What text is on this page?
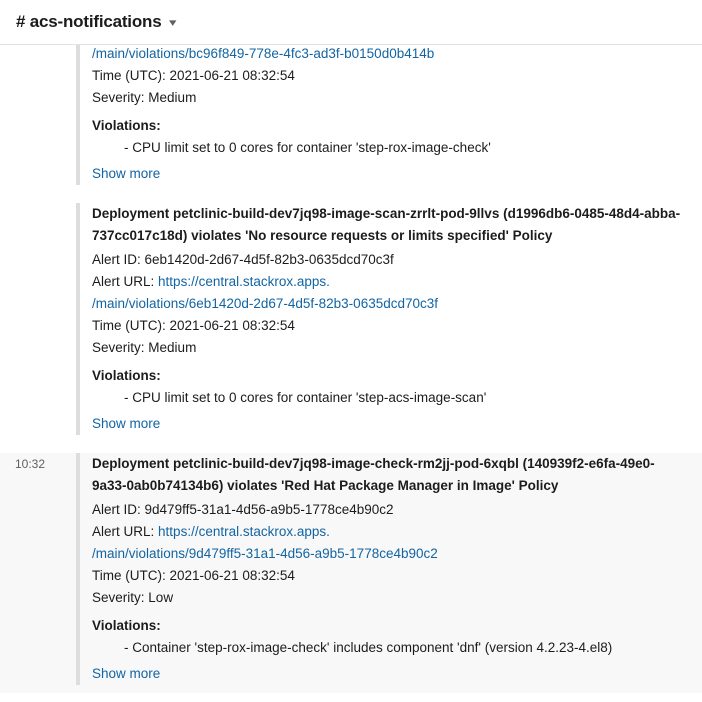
# acs-notifications ▾
/main/violations/bc96f849-778e-4fc3-ad3f-b0150d0b414b
Time (UTC): 2021-06-21 08:32:54
Severity: Medium
Violations:
- CPU limit set to 0 cores for container 'step-rox-image-check'
Show more
Deployment petclinic-build-dev7jq98-image-scan-zrrlt-pod-9llvs (d1996db6-0485-48d4-abba-737cc017c18d) violates 'No resource requests or limits specified' Policy
Alert ID: 6eb1420d-2d67-4d5f-82b3-0635dcd70c3f
Alert URL: https://central.stackrox.apps.
/main/violations/6eb1420d-2d67-4d5f-82b3-0635dcd70c3f
Time (UTC): 2021-06-21 08:32:54
Severity: Medium
Violations:
- CPU limit set to 0 cores for container 'step-acs-image-scan'
Show more
10:32	Deployment petclinic-build-dev7jq98-image-check-rm2jj-pod-6xqbl (140939f2-e6fa-49e0-9a33-0ab0b74134b6) violates 'Red Hat Package Manager in Image' Policy
Alert ID: 9d479ff5-31a1-4d56-a9b5-1778ce4b90c2
Alert URL: https://central.stackrox.apps.
/main/violations/9d479ff5-31a1-4d56-a9b5-1778ce4b90c2
Time (UTC): 2021-06-21 08:32:54
Severity: Low
Violations:
- Container 'step-rox-image-check' includes component 'dnf' (version 4.2.23-4.el8)
Show more
